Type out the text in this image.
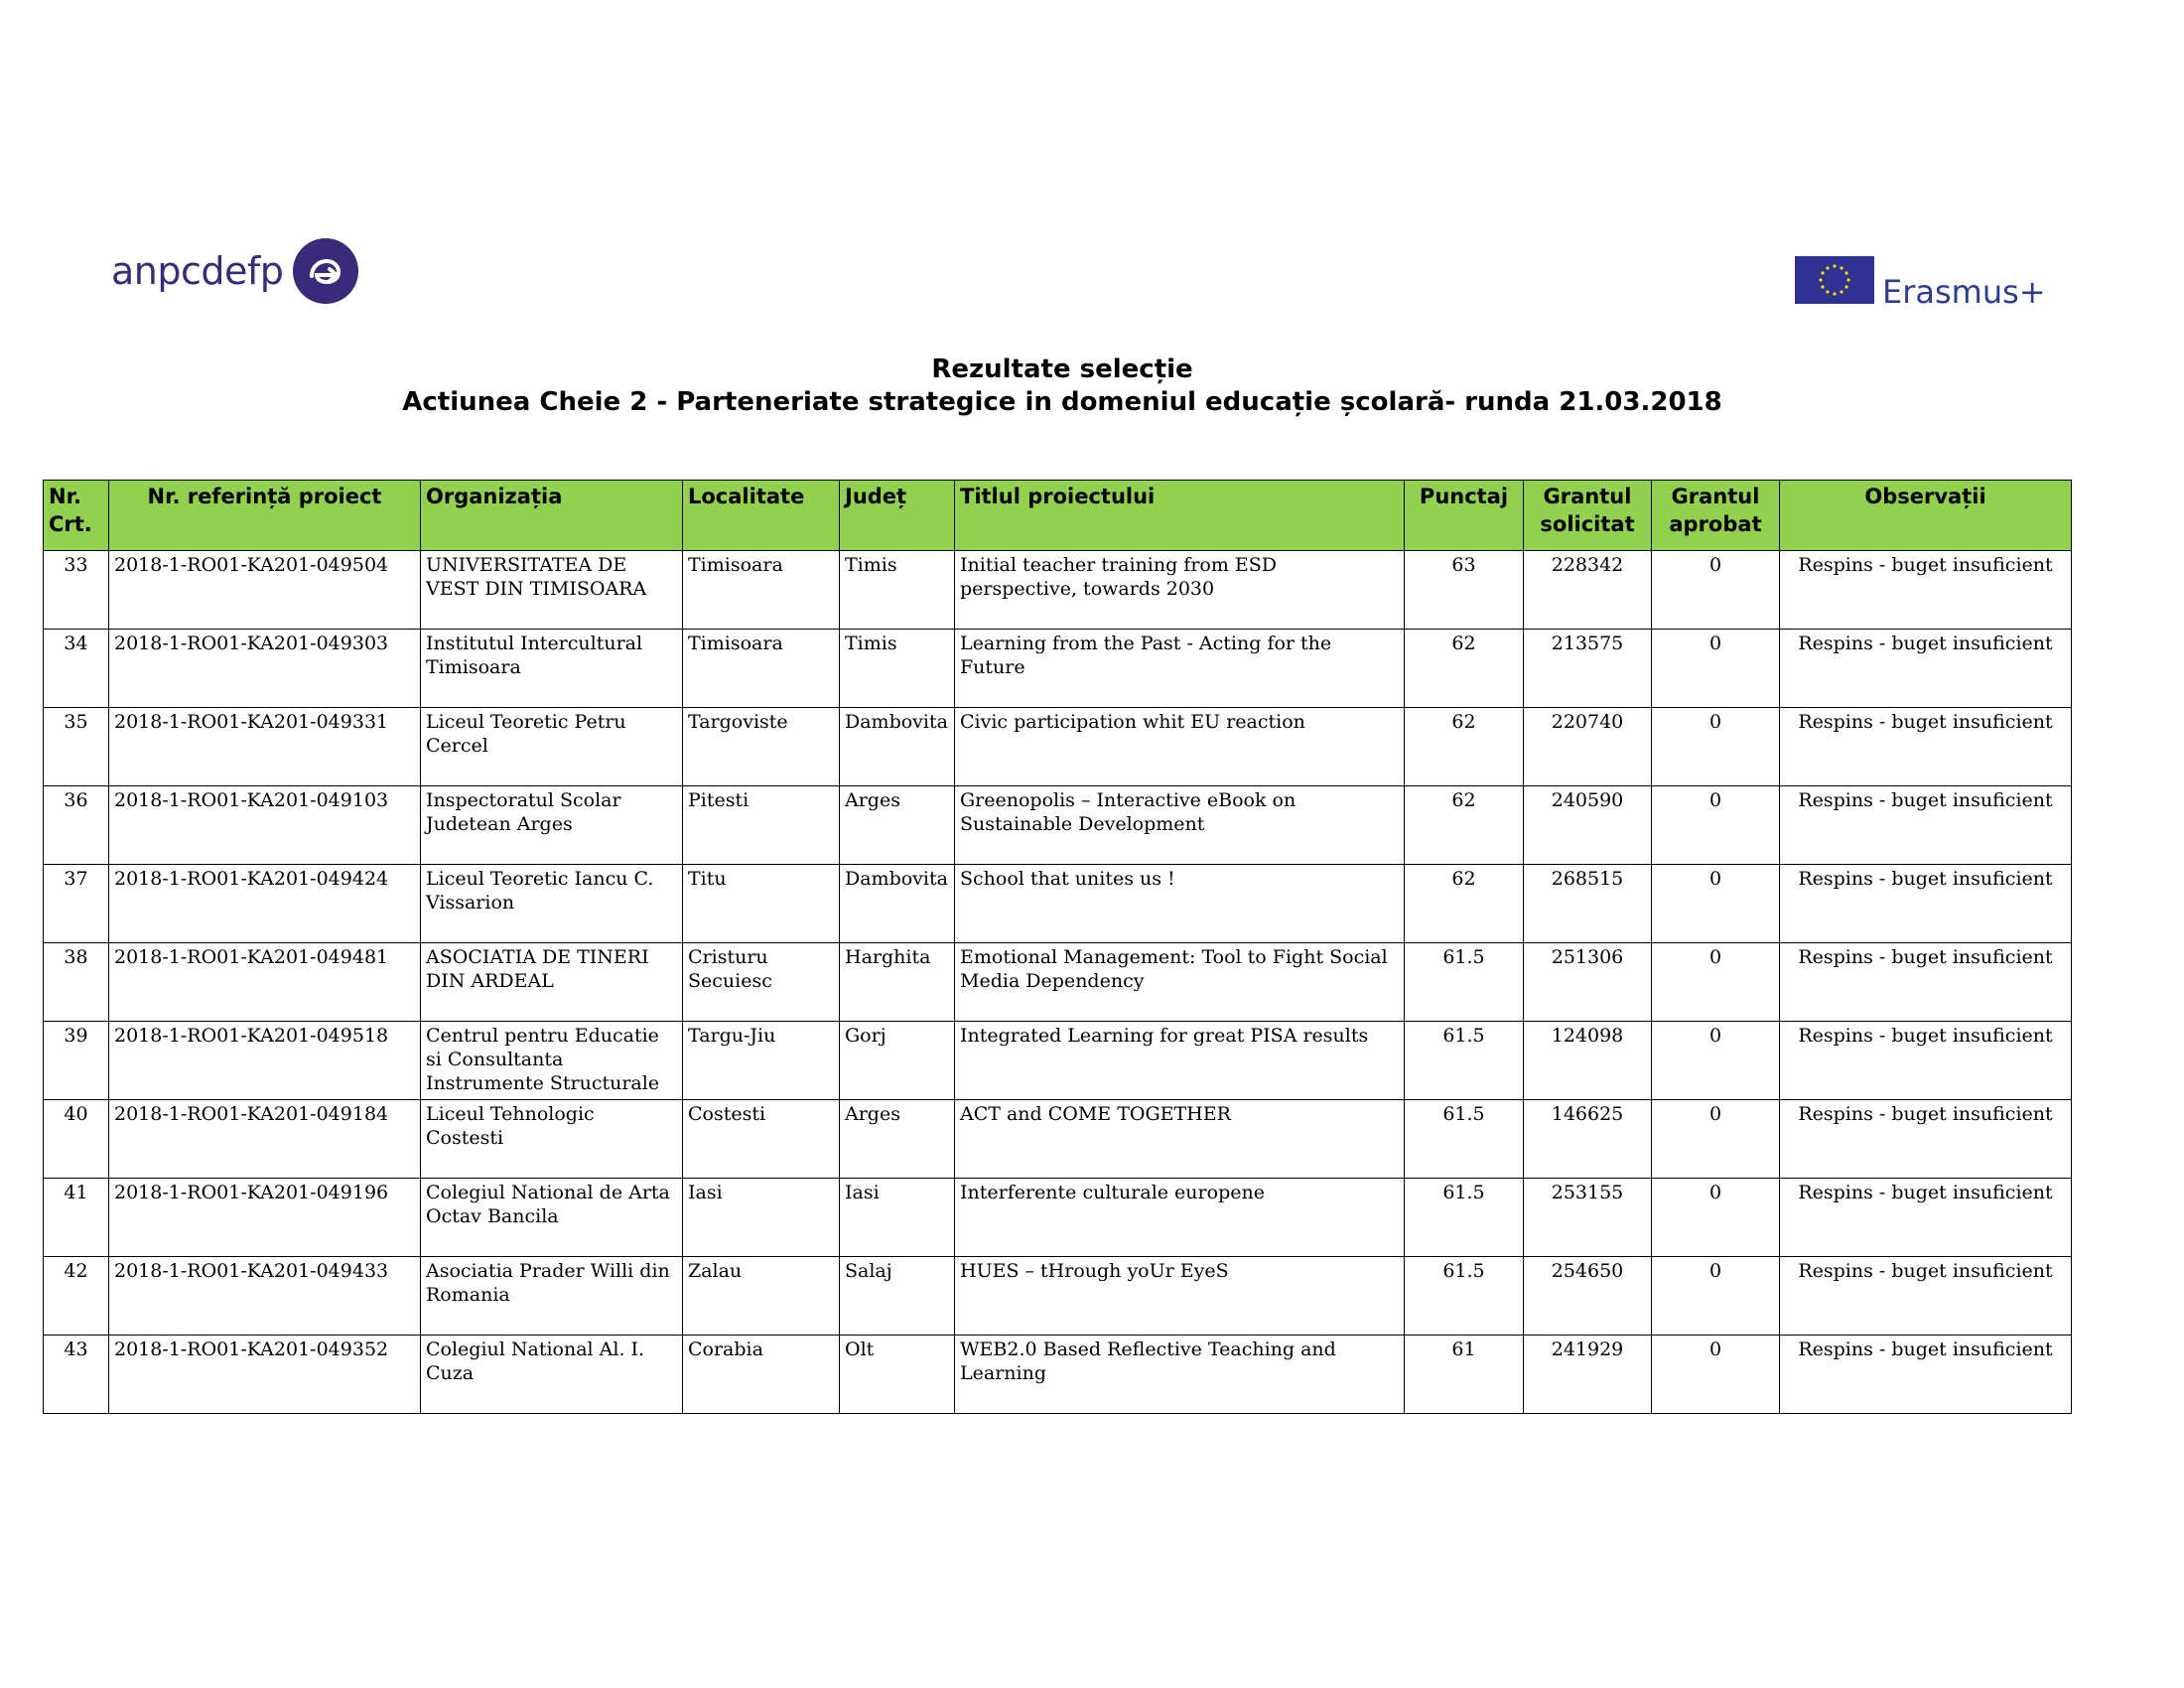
anpcdefp	Erasmus+
Rezultate selecție
Actiunea Cheie 2 - Parteneriate strategice in domeniul educație școlară- runda 21.03.2018
Nr. Crt.	Nr. referință proiect	Organizația	Localitate	Județ	Titlul proiectului	Punctaj	Grantul solicitat	Grantul aprobat	Observații
33	2018-1-RO01-KA201-049504	UNIVERSITATEA DE VEST DIN TIMISOARA	Timisoara	Timis	Initial teacher training from ESD perspective, towards 2030	63	228342	0	Respins - buget insuficient
34	2018-1-RO01-KA201-049303	Institutul Intercultural Timisoara	Timisoara	Timis	Learning from the Past - Acting for the Future	62	213575	0	Respins - buget insuficient
35	2018-1-RO01-KA201-049331	Liceul Teoretic Petru Cercel	Targoviste	Dambovita	Civic participation whit EU reaction	62	220740	0	Respins - buget insuficient
36	2018-1-RO01-KA201-049103	Inspectoratul Scolar Judetean Arges	Pitesti	Arges	Greenopolis – Interactive eBook on Sustainable Development	62	240590	0	Respins - buget insuficient
37	2018-1-RO01-KA201-049424	Liceul Teoretic Iancu C. Vissarion	Titu	Dambovita	School that unites us !	62	268515	0	Respins - buget insuficient
38	2018-1-RO01-KA201-049481	ASOCIATIA DE TINERI DIN ARDEAL	Cristuru Secuiesc	Harghita	Emotional Management: Tool to Fight Social Media Dependency	61.5	251306	0	Respins - buget insuficient
39	2018-1-RO01-KA201-049518	Centrul pentru Educatie si Consultanta Instrumente Structurale	Targu-Jiu	Gorj	Integrated Learning for great PISA results	61.5	124098	0	Respins - buget insuficient
40	2018-1-RO01-KA201-049184	Liceul Tehnologic Costesti	Costesti	Arges	ACT and COME TOGETHER	61.5	146625	0	Respins - buget insuficient
41	2018-1-RO01-KA201-049196	Colegiul National de Arta Octav Bancila	Iasi	Iasi	Interferente culturale europene	61.5	253155	0	Respins - buget insuficient
42	2018-1-RO01-KA201-049433	Asociatia Prader Willi din Romania	Zalau	Salaj	HUES – tHrough yoUr EyeS	61.5	254650	0	Respins - buget insuficient
43	2018-1-RO01-KA201-049352	Colegiul National Al. I. Cuza	Corabia	Olt	WEB2.0 Based Reflective Teaching and Learning	61	241929	0	Respins - buget insuficient
